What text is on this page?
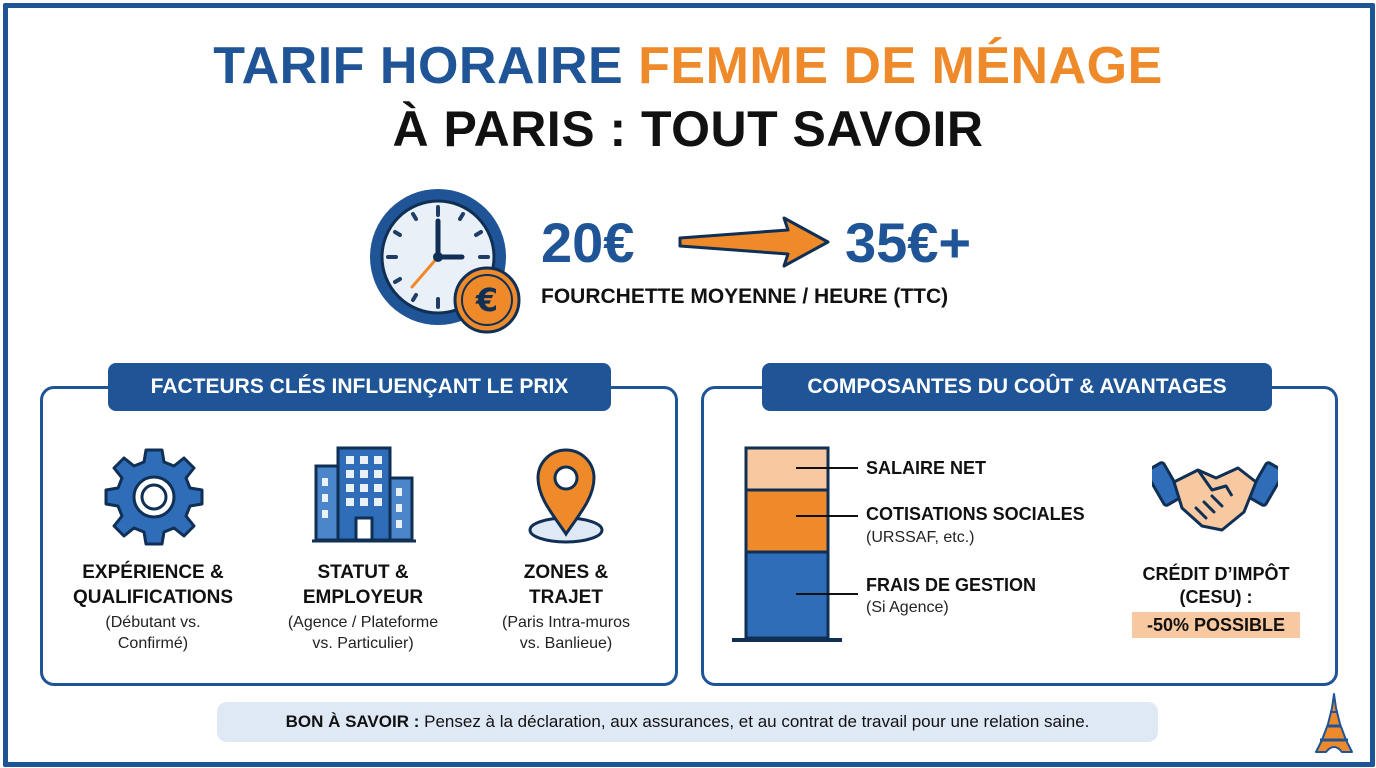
TARIF HORAIRE FEMME DE MÉNAGE
À PARIS : TOUT SAVOIR
€
20€	35€+
FOURCHETTE MOYENNE / HEURE (TTC)
FACTEURS CLÉS INFLUENÇANT LE PRIX
EXPÉRIENCE &
QUALIFICATIONS
(Débutant vs.
Confirmé)
STATUT &
EMPLOYEUR
(Agence / Plateforme
vs. Particulier)
ZONES &
TRAJET
(Paris Intra-muros
vs. Banlieue)
COMPOSANTES DU COÛT & AVANTAGES
SALAIRE NET
COTISATIONS SOCIALES
(URSSAF, etc.)
FRAIS DE GESTION
(Si Agence)
CRÉDIT D’IMPÔT
(CESU) :
-50% POSSIBLE
BON À SAVOIR : Pensez à la déclaration, aux assurances, et au contrat de travail pour une relation saine.
